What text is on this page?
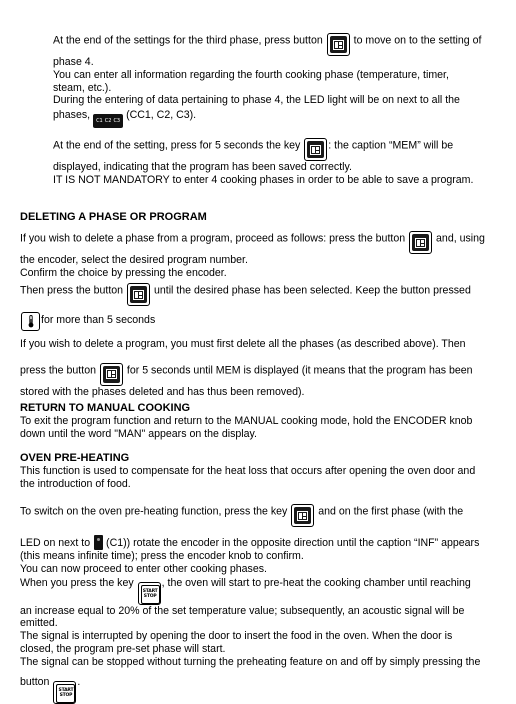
At the end of the settings for the third phase, press button	to move on to the setting of
phase 4.
You can enter all information regarding the fourth cooking phase (temperature, timer,
steam, etc.).
During the entering of data pertaining to phase 4, the LED light will be on next to all the
phases, C1 C2 C3 (CC1, C2, C3).
At the end of the setting, press for 5 seconds the key	: the caption “MEM” will be
displayed, indicating that the program has been saved correctly.
IT IS NOT MANDATORY to enter 4 cooking phases in order to be able to save a program.
DELETING A PHASE OR PROGRAM
If you wish to delete a phase from a program, proceed as follows: press the button	and, using
the encoder, select the desired program number.
Confirm the choice by pressing the encoder.
Then press the button	until the desired phase has been selected. Keep the button pressed
for more than 5 seconds
If you wish to delete a program, you must first delete all the phases (as described above). Then
press the button	for 5 seconds until MEM is displayed (it means that the program has been
stored with the phases deleted and has thus been removed).
RETURN TO MANUAL COOKING
To exit the program function and return to the MANUAL cooking mode, hold the ENCODER knob
down until the word "MAN" appears on the display.
OVEN PRE-HEATING
This function is used to compensate for the heat loss that occurs after opening the oven door and
the introduction of food.
To switch on the oven pre-heating function, press the key	and on the first phase (with the
LED on next to (C1)) rotate the encoder in the opposite direction until the caption “INF” appears
(this means infinite time); press the encoder knob to confirm.
You can now proceed to enter other cooking phases.
When you press the key
START
STOP
, the oven will start to pre-heat the cooking chamber until reaching
an increase equal to 20% of the set temperature value; subsequently, an acoustic signal will be
emitted.
The signal is interrupted by opening the door to insert the food in the oven. When the door is
closed, the program pre-set phase will start.
The signal can be stopped without turning the preheating feature on and off by simply pressing the
button
START
STOP
.
